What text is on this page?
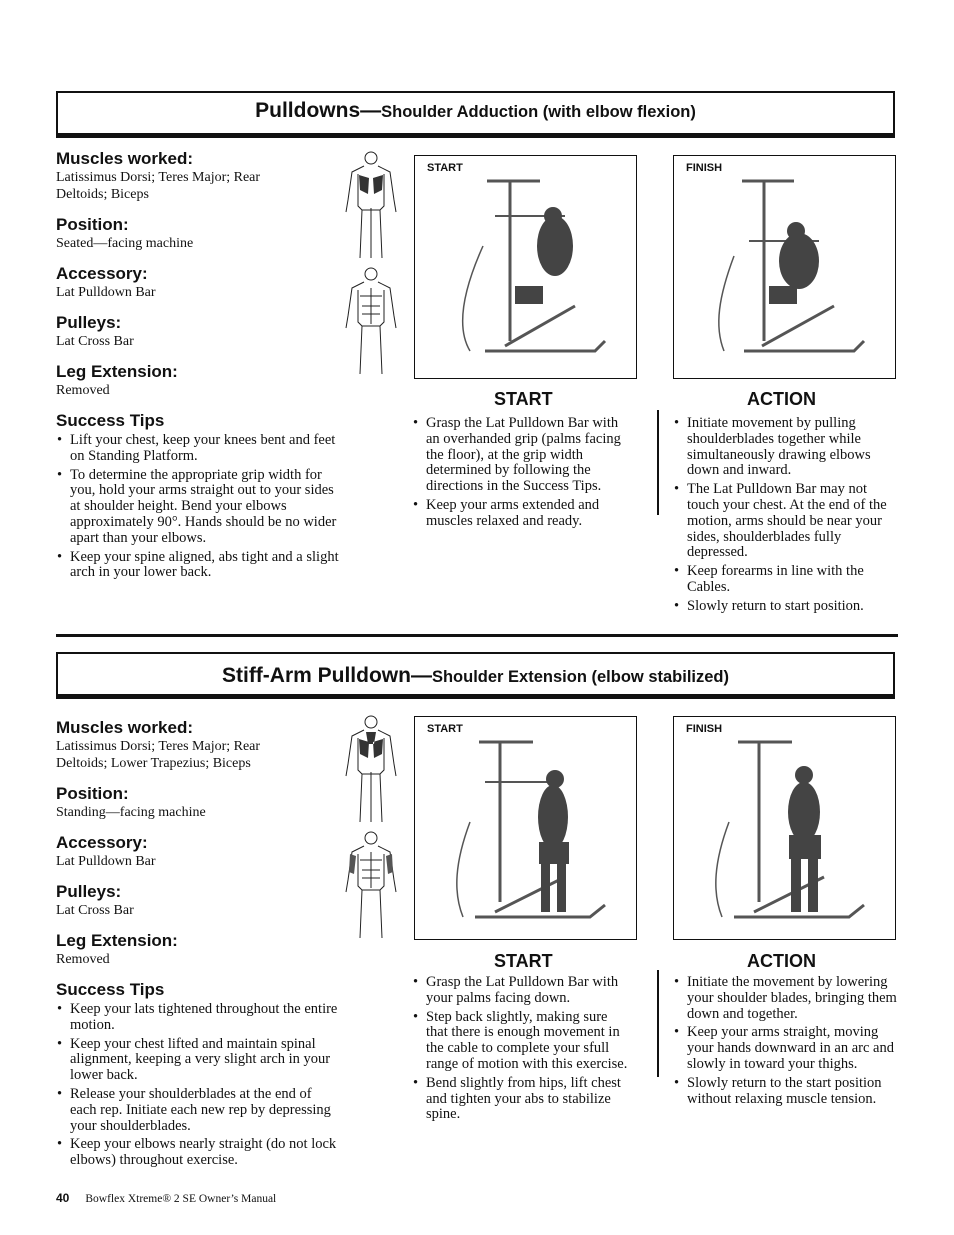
Pulldowns—Shoulder Adduction (with elbow flexion)

Muscles worked:

Latissimus Dorsi; Teres Major; Rear Deltoids; Biceps

Position:

Seated—facing machine

Accessory:

Lat Pulldown Bar

Pulleys:

Lat Cross Bar

Leg Extension:

Removed

Success Tips

• Lift your chest, keep your knees bent and feet on Standing Platform.
• To determine the appropriate grip width for you, hold your arms straight out to your sides at shoulder height. Bend your elbows approximately 90°. Hands should be no wider apart than your elbows.
• Keep your spine aligned, abs tight and a slight arch in your lower back.
START	FINISH
START	ACTION
• Grasp the Lat Pulldown Bar with an overhanded grip (palms facing the floor), at the grip width determined by following the directions in the Success Tips.
• Keep your arms extended and muscles relaxed and ready.
• Initiate movement by pulling shoulderblades together while simultaneously drawing elbows down and inward.
• The Lat Pulldown Bar may not touch your chest. At the end of the motion, arms should be near your sides, shoulderblades fully depressed.
• Keep forearms in line with the Cables.
• Slowly return to start position.
Stiff-Arm Pulldown—Shoulder Extension (elbow stabilized)

Muscles worked:

Latissimus Dorsi; Teres Major; Rear Deltoids; Lower Trapezius; Biceps

Position:

Standing—facing machine

Accessory:

Lat Pulldown Bar

Pulleys:

Lat Cross Bar

Leg Extension:

Removed

Success Tips

• Keep your lats tightened throughout the entire motion.
• Keep your chest lifted and maintain spinal alignment, keeping a very slight arch in your lower back.
• Release your shoulderblades at the end of each rep. Initiate each new rep by depressing your shoulderblades.
• Keep your elbows nearly straight (do not lock elbows) throughout exercise.
START	FINISH
START	ACTION
• Grasp the Lat Pulldown Bar with your palms facing down.
• Step back slightly, making sure that there is enough movement in the cable to complete your sfull range of motion with this exercise.
• Bend slightly from hips, lift chest and tighten your abs to stabilize spine.
• Initiate the movement by lowering your shoulder blades, bringing them down and together.
• Keep your arms straight, moving your hands downward in an arc and slowly in toward your thighs.
• Slowly return to the start position without relaxing muscle tension.
40 Bowflex Xtreme® 2 SE Owner’s Manual
